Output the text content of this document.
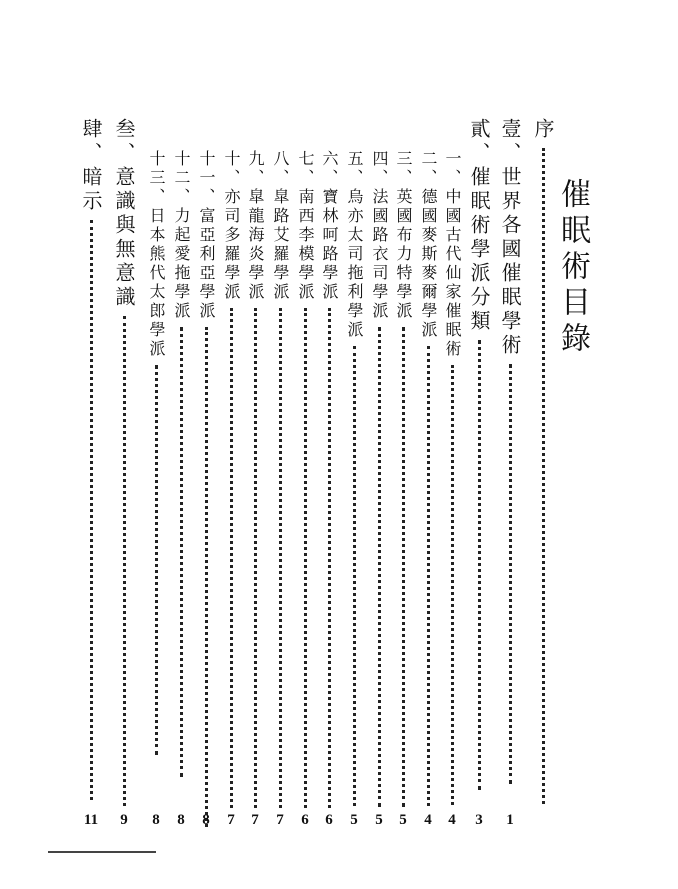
催眠術目錄
序
壹、世界各國催眠學術
1
貳、催眠術學派分類
3
一、中國古代仙家催眠術
4
二、德國麥斯麥爾學派
4
三、英國布力特學派
5
四、法國路衣司學派
5
五、烏亦太司拖利學派
5
六、寶林呵路學派
6
七、南西李模學派
6
八、皐路艾羅學派
7
九、皐龍海炎學派
7
十、亦司多羅學派
7
十一、富亞利亞學派
8
十二、力起愛拖學派
8
十三、日本熊代太郎學派
8
叁、意識與無意識
9
肆、暗示
11
